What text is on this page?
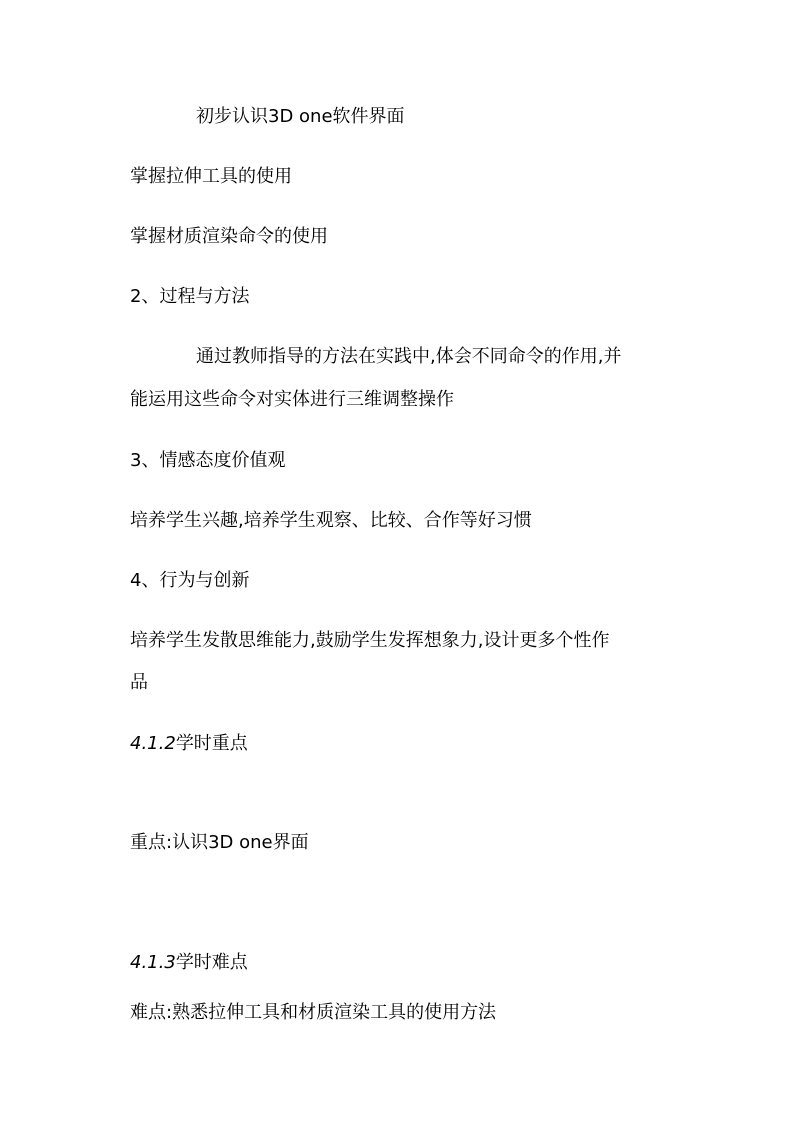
初步认识3D one软件界面
掌握拉伸工具的使用
掌握材质渲染命令的使用
2、过程与方法
通过教师指导的方法在实践中,体会不同命令的作用,并
能运用这些命令对实体进行三维调整操作
3、情感态度价值观
培养学生兴趣,培养学生观察、比较、合作等好习惯
4、行为与创新
培养学生发散思维能力,鼓励学生发挥想象力,设计更多个性作
品
4.1.2学时重点
重点:认识3D one界面
4.1.3学时难点
难点:熟悉拉伸工具和材质渲染工具的使用方法
